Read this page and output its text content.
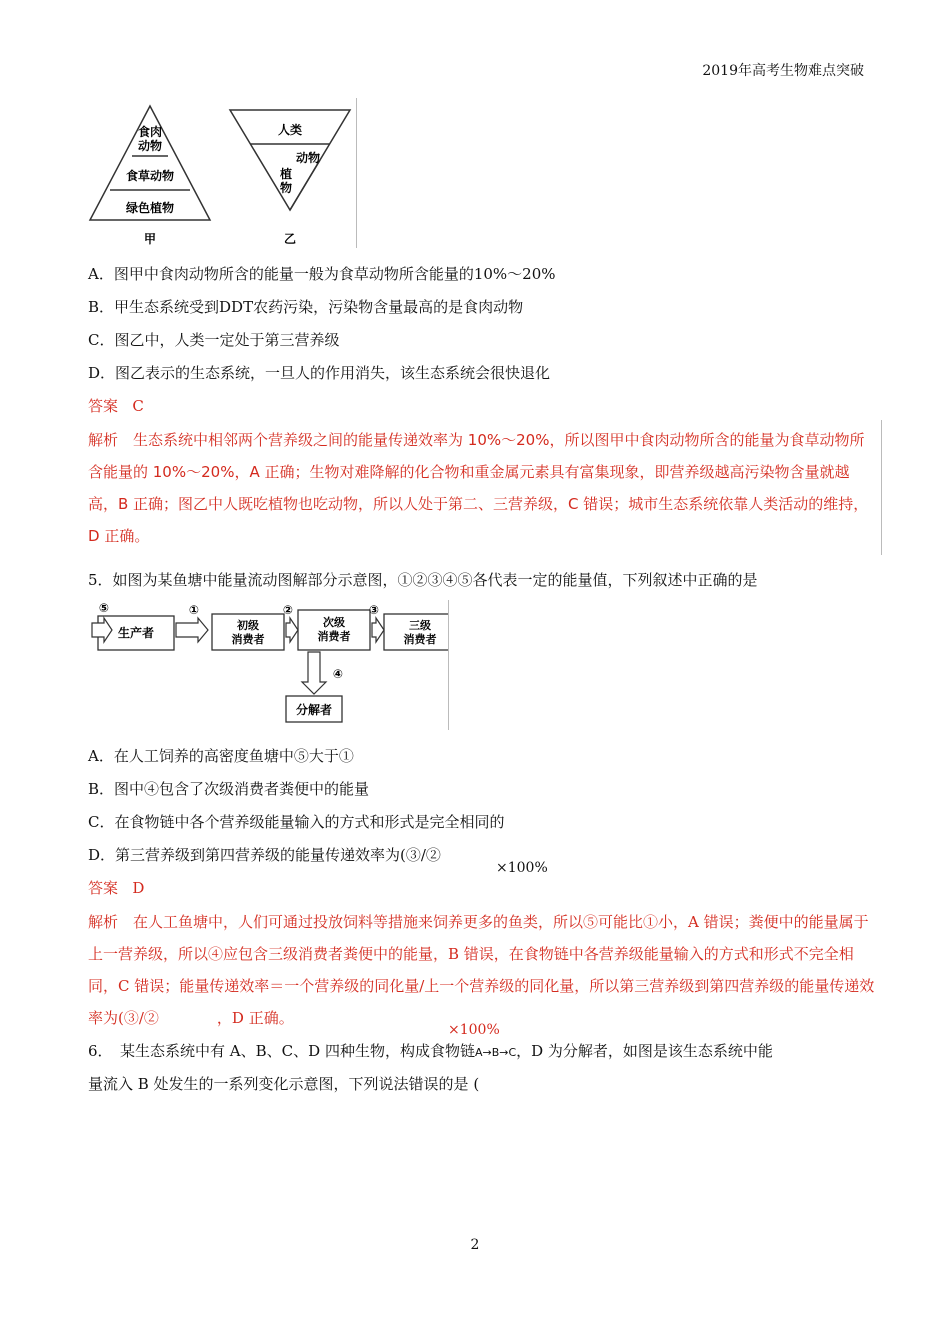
2019年高考生物难点突破
食肉动物
食草动物
绿色植物
甲
人类
动物
植物
乙
A．图甲中食肉动物所含的能量一般为食草动物所含能量的10%～20%
B．甲生态系统受到DDT农药污染，污染物含量最高的是食肉动物
C．图乙中，人类一定处于第三营养级
D．图乙表示的生态系统，一旦人的作用消失，该生态系统会很快退化
答案 C
解析　生态系统中相邻两个营养级之间的能量传递效率为 10%～20%，所以图甲中食肉动物所含的能量为食草动物所含能量的 10%～20%，A 正确；生物对难降解的化合物和重金属元素具有富集现象，即营养级越高污染物含量就越高，B 正确；图乙中人既吃植物也吃动物，所以人处于第二、三营养级，C 错误；城市生态系统依靠人类活动的维持，D 正确。
5．如图为某鱼塘中能量流动图解部分示意图，①②③④⑤各代表一定的能量值，下列叙述中正确的是
⑤
生产者
①
初级消费者
②
次级消费者
③
三级消费者
④
分解者
A．在人工饲养的高密度鱼塘中⑤大于①
B．图中④包含了次级消费者粪便中的能量
C．在食物链中各个营养级能量输入的方式和形式是完全相同的
D．第三营养级到第四营养级的能量传递效率为(③/②
×100%
答案 D
解析　在人工鱼塘中，人们可通过投放饲料等措施来饲养更多的鱼类，所以⑤可能比①小，A 错误；粪便中的能量属于上一营养级，所以④应包含三级消费者粪便中的能量，B 错误，在食物链中各营养级能量输入的方式和形式不完全相同，C 错误；能量传递效率＝一个营养级的同化量/上一个营养级的同化量，所以第三营养级到第四营养级的能量传递效率为(③/②	，D 正确。
×100%
6．　某生态系统中有 A、B、C、D 四种生物，构成食物链A→B→C，D 为分解者，如图是该生态系统中能
量流入 B 处发生的一系列变化示意图，下列说法错误的是 (
2
